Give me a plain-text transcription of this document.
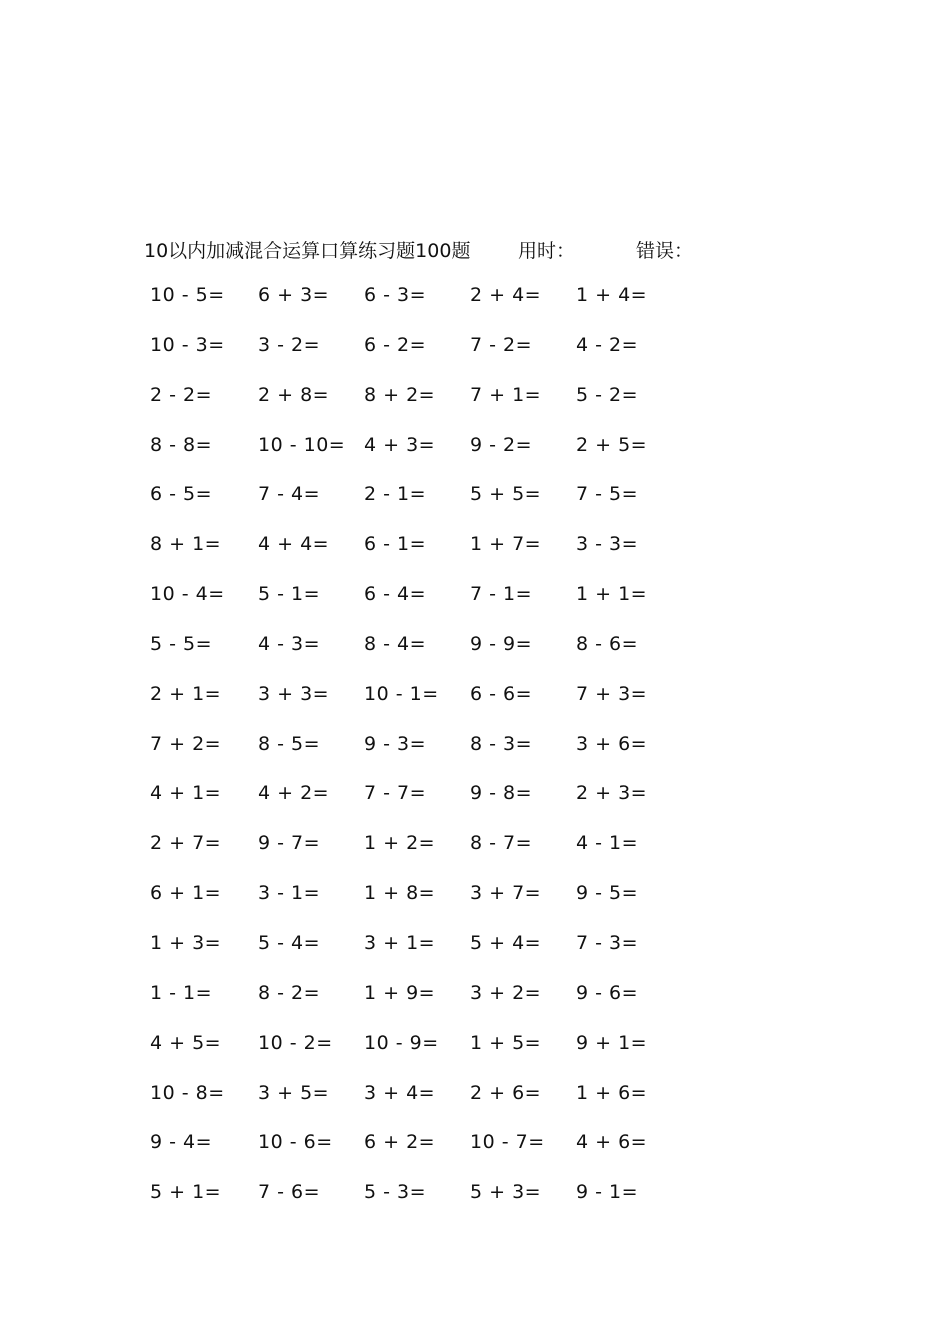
10以内加减混合运算口算练习题100题	用时：	错误：
10 - 5= 6 + 3= 6 - 3= 2 + 4= 1 + 4=
10 - 3= 3 - 2= 6 - 2= 7 - 2= 4 - 2=
2 - 2= 2 + 8= 8 + 2= 7 + 1= 5 - 2=
8 - 8= 10 - 10= 4 + 3= 9 - 2= 2 + 5=
6 - 5= 7 - 4= 2 - 1= 5 + 5= 7 - 5=
8 + 1= 4 + 4= 6 - 1= 1 + 7= 3 - 3=
10 - 4= 5 - 1= 6 - 4= 7 - 1= 1 + 1=
5 - 5= 4 - 3= 8 - 4= 9 - 9= 8 - 6=
2 + 1= 3 + 3= 10 - 1= 6 - 6= 7 + 3=
7 + 2= 8 - 5= 9 - 3= 8 - 3= 3 + 6=
4 + 1= 4 + 2= 7 - 7= 9 - 8= 2 + 3=
2 + 7= 9 - 7= 1 + 2= 8 - 7= 4 - 1=
6 + 1= 3 - 1= 1 + 8= 3 + 7= 9 - 5=
1 + 3= 5 - 4= 3 + 1= 5 + 4= 7 - 3=
1 - 1= 8 - 2= 1 + 9= 3 + 2= 9 - 6=
4 + 5= 10 - 2= 10 - 9= 1 + 5= 9 + 1=
10 - 8= 3 + 5= 3 + 4= 2 + 6= 1 + 6=
9 - 4= 10 - 6= 6 + 2= 10 - 7= 4 + 6=
5 + 1= 7 - 6= 5 - 3= 5 + 3= 9 - 1=
